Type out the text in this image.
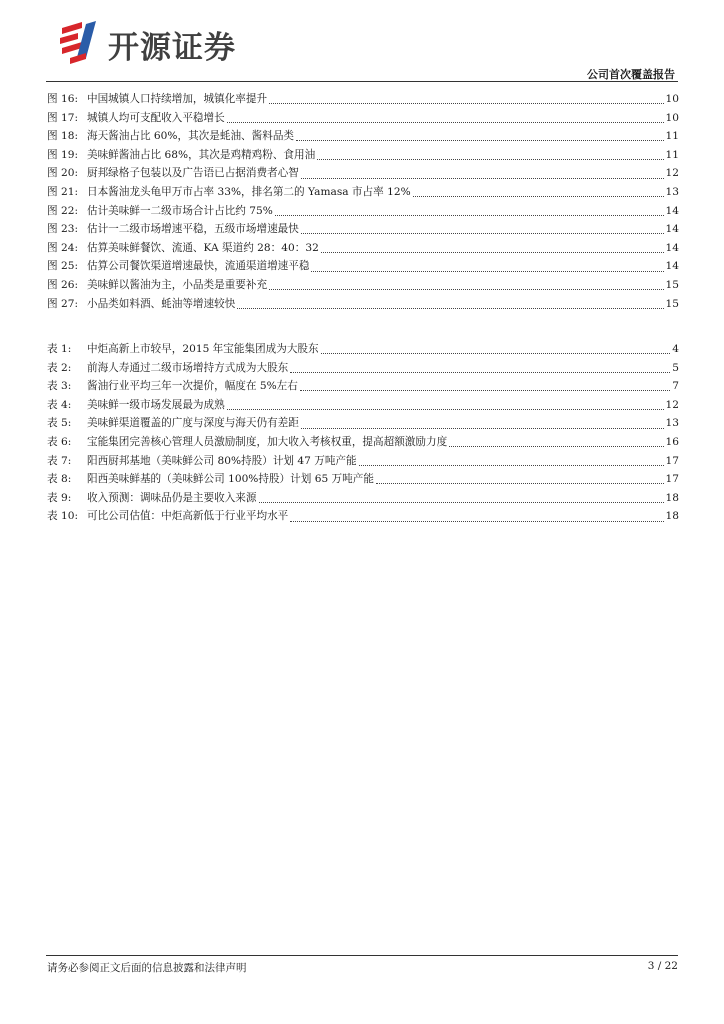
开源证券
公司首次覆盖报告
图 16: 中国城镇人口持续增加，城镇化率提升	10
图 17: 城镇人均可支配收入平稳增长	10
图 18: 海天酱油占比 60%，其次是蚝油、酱料品类	11
图 19: 美味鲜酱油占比 68%，其次是鸡精鸡粉、食用油	11
图 20: 厨邦绿格子包装以及广告语已占据消费者心智	12
图 21: 日本酱油龙头龟甲万市占率 33%，排名第二的 Yamasa 市占率 12%	13
图 22: 估计美味鲜一二级市场合计占比约 75%	14
图 23: 估计一二级市场增速平稳，五级市场增速最快	14
图 24: 估算美味鲜餐饮、流通、KA 渠道约 28：40：32	14
图 25: 估算公司餐饮渠道增速最快，流通渠道增速平稳	14
图 26: 美味鲜以酱油为主，小品类是重要补充	15
图 27: 小品类如料酒、蚝油等增速较快	15
表 1:	中炬高新上市较早，2015 年宝能集团成为大股东	4
表 2:	前海人寿通过二级市场增持方式成为大股东	5
表 3:	酱油行业平均三年一次提价，幅度在 5%左右	7
表 4:	美味鲜一级市场发展最为成熟	12
表 5:	美味鲜渠道覆盖的广度与深度与海天仍有差距	13
表 6:	宝能集团完善核心管理人员激励制度，加大收入考核权重，提高超额激励力度	16
表 7:	阳西厨邦基地（美味鲜公司 80%持股）计划 47 万吨产能	17
表 8:	阳西美味鲜基的（美味鲜公司 100%持股）计划 65 万吨产能	17
表 9:	收入预测：调味品仍是主要收入来源	18
表 10: 可比公司估值：中炬高新低于行业平均水平	18
请务必参阅正文后面的信息披露和法律声明	3 / 22
